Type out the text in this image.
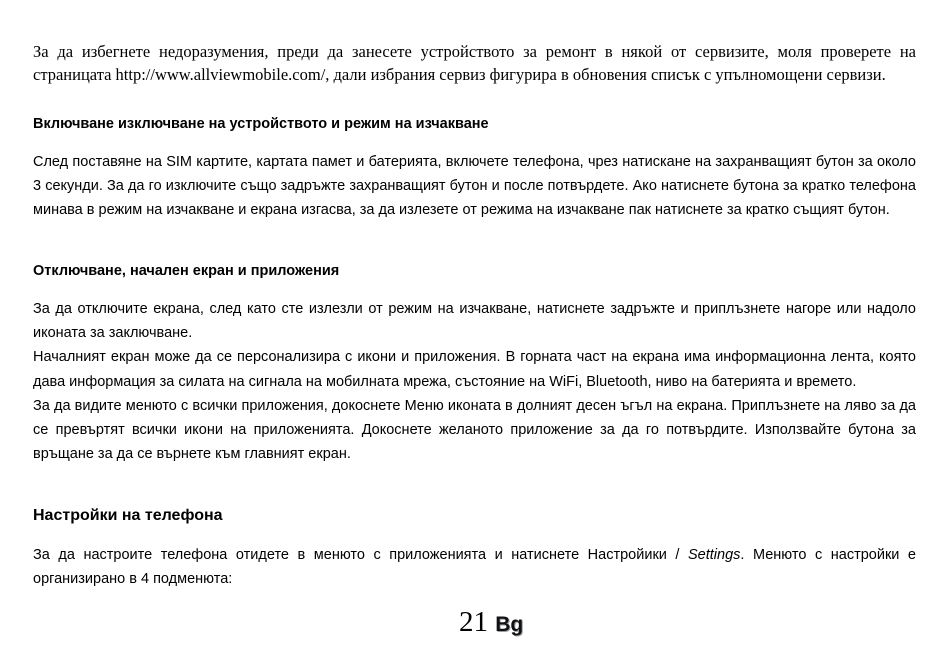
За да избегнете недоразумения, преди да занесете устройството за ремонт в някой от сервизите, моля проверете на страницата http://www.allviewmobile.com/, дали избрания сервиз фигурира в обновения списък с упълномощени сервизи.

Включване изключване на устройството и режим на изчакване

След поставяне на SIM картите, картата памет и батерията, включете телефона, чрез натискане на захранващият бутон за около 3 секунди. За да го изключите също задръжте захранващият бутон и после потвърдете. Ако натиснете бутона за кратко телефона минава в режим на изчакване и екрана изгасва, за да излезете от режима на изчакване пак натиснете за кратко същият бутон.

Отключване, начален екран и приложения

За да отключите екрана, след като сте излезли от режим на изчакване, натиснете задръжте и приплъзнете нагоре или надоло иконата за заключване.

Началният екран може да се персонализира с икони и приложения. В горната част на екрана има информационна лента, която дава информация за силата на сигнала на мобилната мрежа, състояние на WiFi, Bluetooth, ниво на батерията и времето.

За да видите менюто с всички приложения, докоснете Меню иконата в долният десен ъгъл на екрана. Приплъзнете на ляво за да се превъртят всички икони на приложенията. Докоснете желаното приложение за да го потвърдите. Използвайте бутона за връщане за да се върнете към главният екран.

Настройки на телефона

За да настроите телефона отидете в менюто с приложенията и натиснете Настройики / Settings. Менюто с настройки е организирано в 4 подменюта:

21 Bg
